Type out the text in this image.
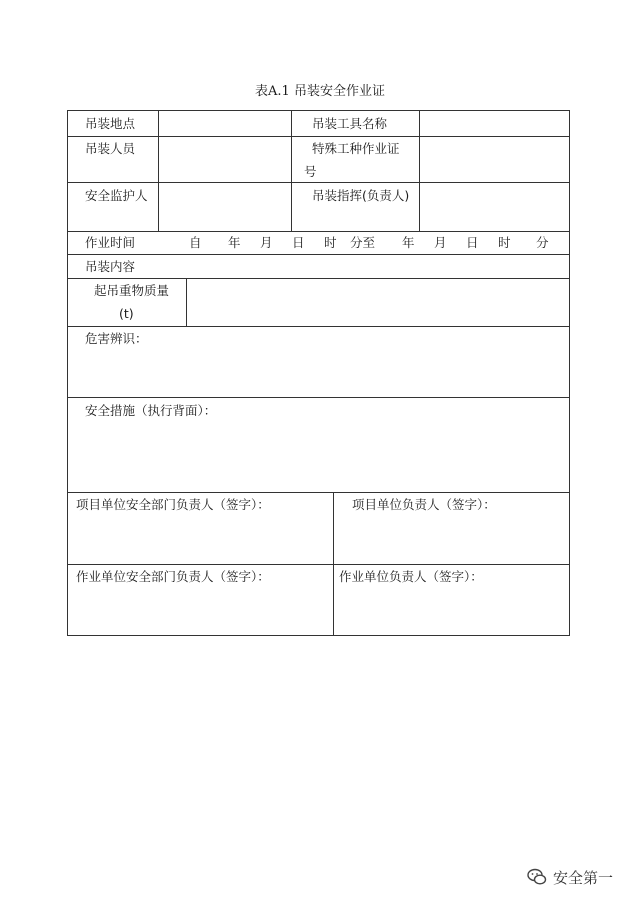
表A.1 吊装安全作业证
吊装地点	吊装工具名称
吊装人员	特殊工种作业证
号
安全监护人	吊装指挥(负责人)
作业时间	自 年 月 日 时 分至 年 月 日 时 分
吊装内容
起吊重物质量
(t)
危害辨识：
安全措施（执行背面）：
项目单位安全部门负责人（签字）：	项目单位负责人（签字）：
作业单位安全部门负责人（签字）：	作业单位负责人（签字）：
安全第一
